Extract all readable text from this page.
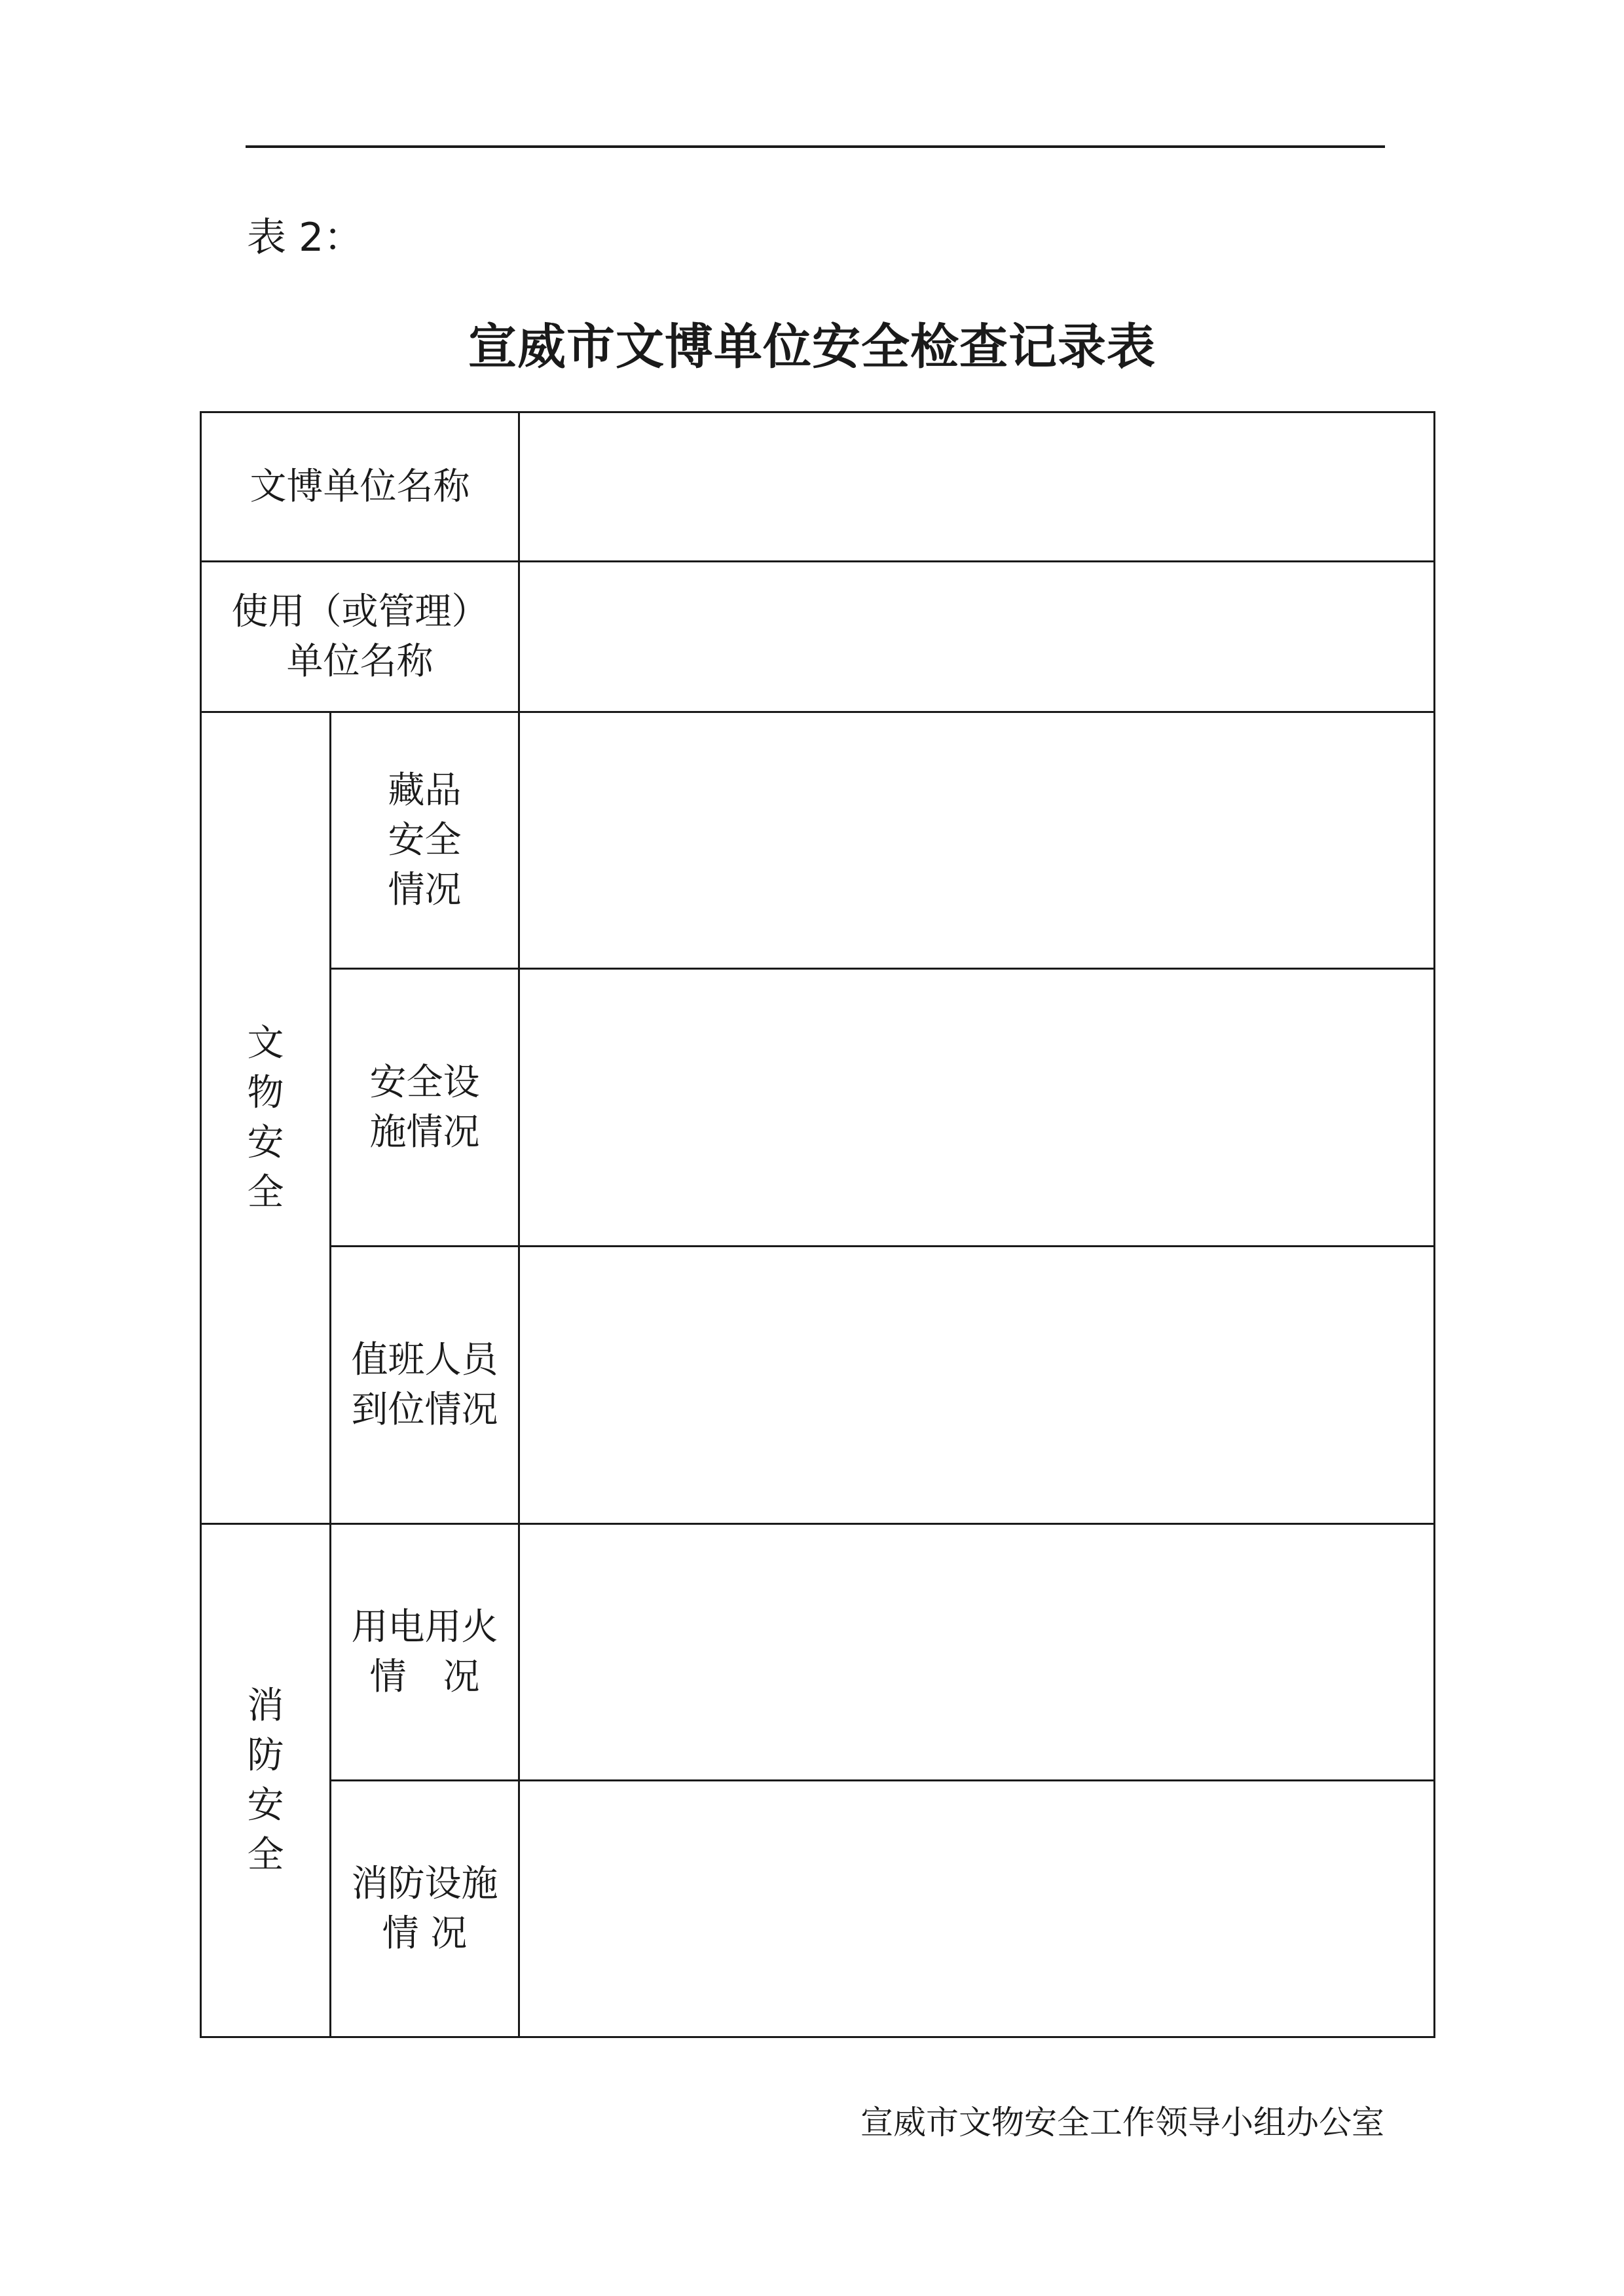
表 2：
宣威市文博单位安全检查记录表
文博单位名称		
使用（或管理）
单位名称		

文物安全	藏品
安全
情况	
	安全设
施情况	
	值班人员
到位情况	

消防安全	用电用火
情　况	
	消防设施
情 况	
宣威市文物安全工作领导小组办公室
